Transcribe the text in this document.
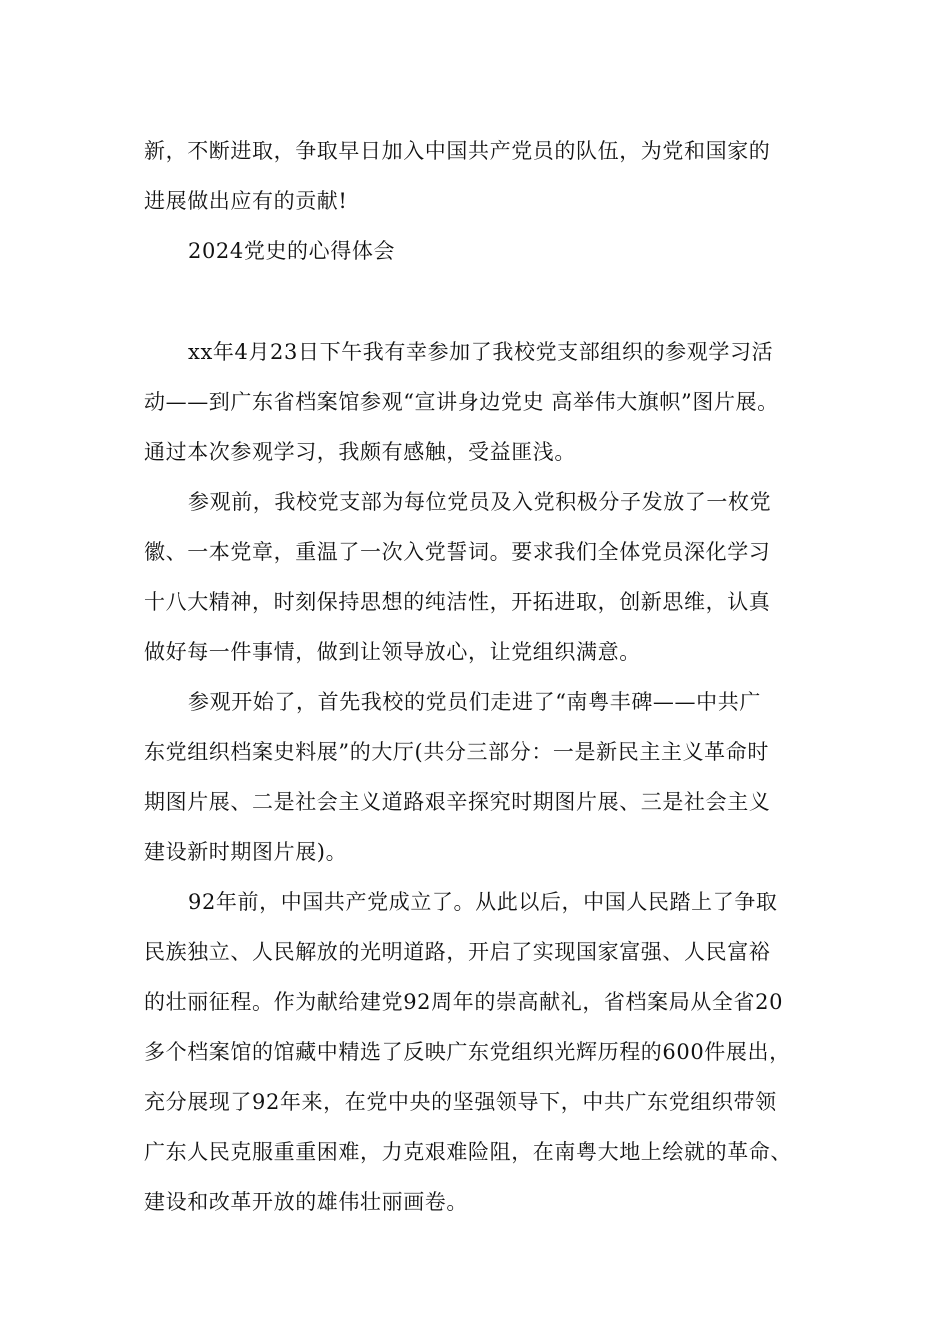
新，不断进取，争取早日加入中国共产党员的队伍，为党和国家的
进展做出应有的贡献!
2024党史的心得体会
xx年4月23日下午我有幸参加了我校党支部组织的参观学习活
动——到广东省档案馆参观“宣讲身边党史 高举伟大旗帜”图片展。
通过本次参观学习，我颇有感触，受益匪浅。
参观前，我校党支部为每位党员及入党积极分子发放了一枚党
徽、一本党章，重温了一次入党誓词。要求我们全体党员深化学习
十八大精神，时刻保持思想的纯洁性，开拓进取，创新思维，认真
做好每一件事情，做到让领导放心，让党组织满意。
参观开始了，首先我校的党员们走进了“南粤丰碑——中共广
东党组织档案史料展”的大厅(共分三部分：一是新民主主义革命时
期图片展、二是社会主义道路艰辛探究时期图片展、三是社会主义
建设新时期图片展)。
92年前，中国共产党成立了。从此以后，中国人民踏上了争取
民族独立、人民解放的光明道路，开启了实现国家富强、人民富裕
的壮丽征程。作为献给建党92周年的崇高献礼，省档案局从全省20
多个档案馆的馆藏中精选了反映广东党组织光辉历程的600件展出，
充分展现了92年来，在党中央的坚强领导下，中共广东党组织带领
广东人民克服重重困难，力克艰难险阻，在南粤大地上绘就的革命、
建设和改革开放的雄伟壮丽画卷。
